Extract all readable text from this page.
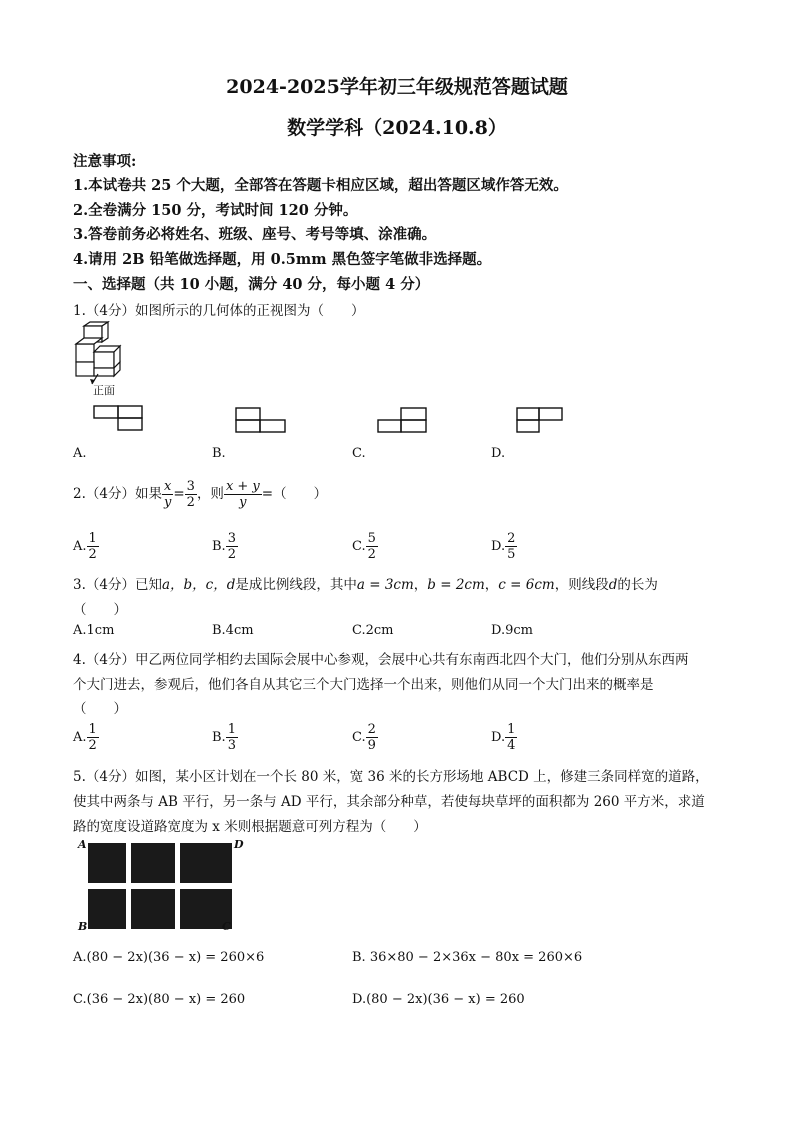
2024-2025学年初三年级规范答题试题
数学学科（2024.10.8）
注意事项:
1.本试卷共 25 个大题，全部答在答题卡相应区域，超出答题区域作答无效。
2.全卷满分 150 分，考试时间 120 分钟。
3.答卷前务必将姓名、班级、座号、考号等填、涂准确。
4.请用 2B 铅笔做选择题，用 0.5mm 黑色签字笔做非选择题。
一、选择题（共 10 小题，满分 40 分，每小题 4 分）
1.（4分）如图所示的几何体的正视图为（　　）
正面
A.	B.	C.	D.
2.（4分）如果 $\frac{x}{y} = \frac{3}{2}$ ，则 $\frac{x + y}{y}$ =（　　）
A. $\frac{1}{2}$	B. $\frac{3}{2}$	C. $\frac{5}{2}$	D. $\frac{2}{5}$
3.（4分）已知a，b，c，d是成比例线段，其中a = 3cm，b = 2cm，c = 6cm，则线段d的长为
（　　）
A.1cm	B.4cm	C.2cm	D.9cm
4.（4分）甲乙两位同学相约去国际会展中心参观，会展中心共有东南西北四个大门，他们分别从东西两
个大门进去，参观后，他们各自从其它三个大门选择一个出来，则他们从同一个大门出来的概率是
（　　）
A. $\frac{1}{2}$	B. $\frac{1}{3}$	C. $\frac{2}{9}$	D. $\frac{1}{4}$
5.（4分）如图，某小区计划在一个长 80 米，宽 36 米的长方形场地 ABCD 上，修建三条同样宽的道路，
使其中两条与 AB 平行，另一条与 AD 平行，其余部分种草，若使每块草坪的面积都为 260 平方米，求道
路的宽度设道路宽度为 x 米则根据题意可列方程为（　　）
A	D
B	C
A.(80 − 2x)(36 − x) = 260×6	B. 36×80 − 2×36x − 80x = 260×6
C.(36 − 2x)(80 − x) = 260	D.(80 − 2x)(36 − x) = 260
